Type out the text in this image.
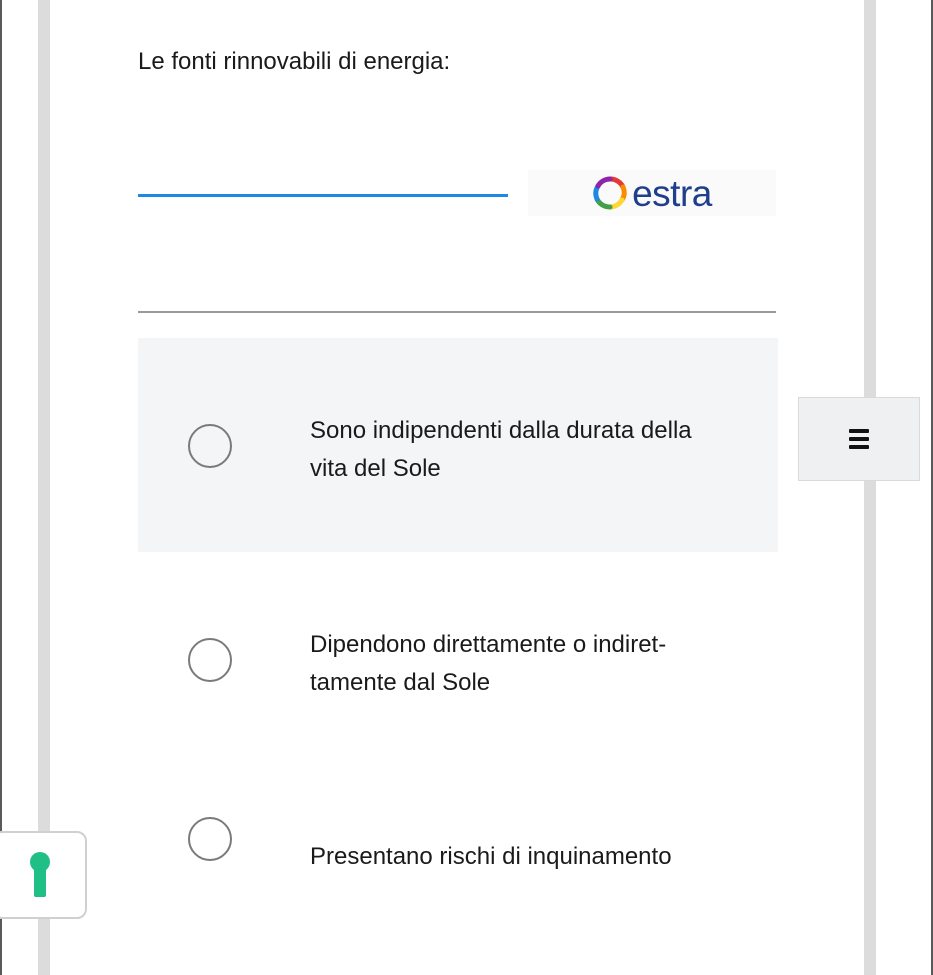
Le fonti rinnovabili di energia:
estra
Sono indipendenti dalla durata della vita del Sole
Dipendono direttamente o indiret-tamente dal Sole
Presentano rischi di inquinamento
